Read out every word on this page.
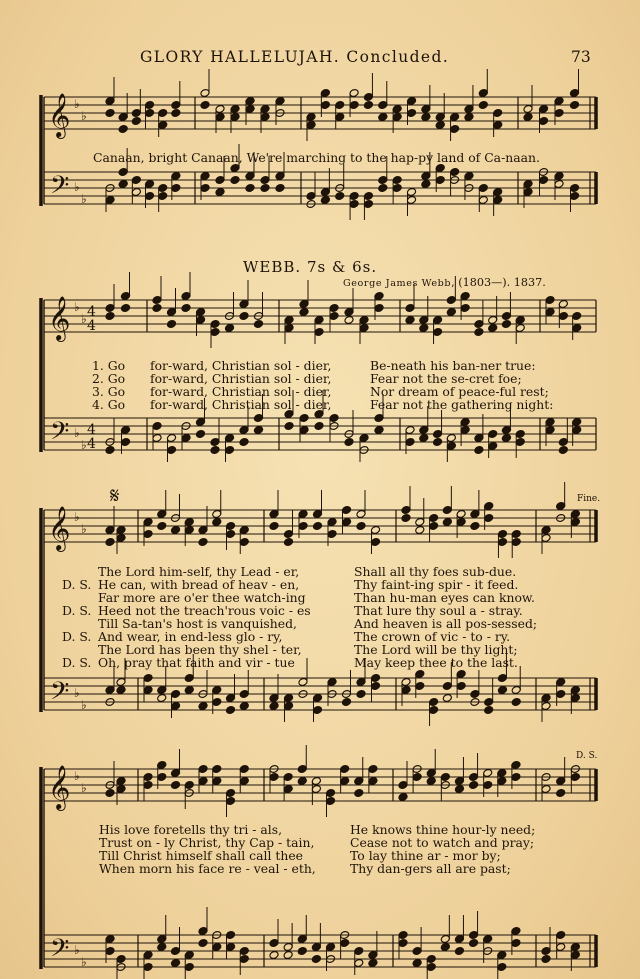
GLORY HALLELUJAH. Concluded.	73
𝄞
𝄢
♭
♭
♭
♭
𝄞
𝄢
♭
♭
♭
♭
4
4
4
4
𝄞
𝄢
♭
♭
♭
♭
𝄞
𝄢
♭
♭
♭
♭
Canaan, bright Canaan, We're marching to the hap-py land of Ca-naan.
WEBB. 7s & 6s.
George James Webb, (1803—). 1837.
1. Go for-ward, Christian sol - dier,	Be-neath his ban-ner true:
2. Go for-ward, Christian sol - dier,	Fear not the se-cret foe;
3. Go for-ward, Christian sol - dier,	Nor dream of peace-ful rest;
4. Go for-ward, Christian sol - dier,	Fear not the gathering night:
The Lord him-self, thy Lead - er,	Shall all thy foes sub-due.
D. S. He can, with bread of heav - en,	Thy faint-ing spir - it feed.
Far more are o'er thee watch-ing	Than hu-man eyes can know.
D. S. Heed not the treach'rous voic - es	That lure thy soul a - stray.
Till Sa-tan's host is vanquished,	And heaven is all pos-sessed;
D. S. And wear, in end-less glo - ry,	The crown of vic - to - ry.
The Lord has been thy shel - ter,	The Lord will be thy light;
D. S. Oh, pray that faith and vir - tue	May keep thee to the last.
His love foretells thy tri - als,	He knows thine hour-ly need;
Trust on - ly Christ, thy Cap - tain,	Cease not to watch and pray;
Till Christ himself shall call thee	To lay thine ar - mor by;
When morn his face re - veal - eth,	Thy dan-gers all are past;
𝄋	Fine.
D. S.
